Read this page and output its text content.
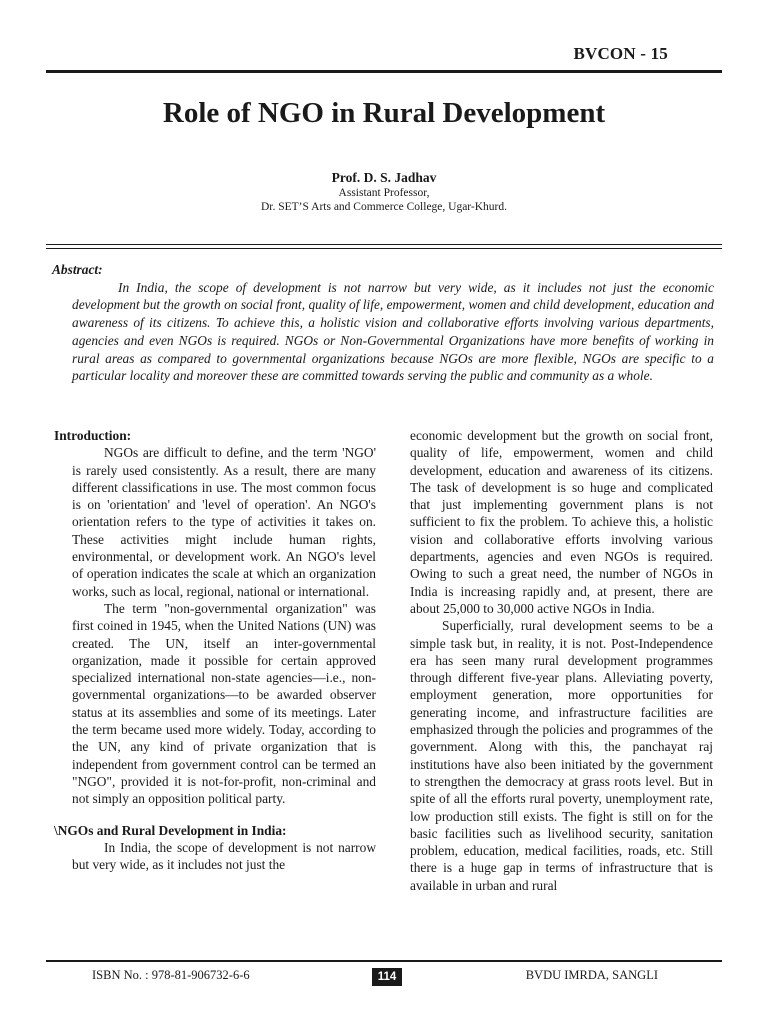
BVCON - 15
Role of NGO in Rural Development
Prof. D. S. Jadhav
Assistant Professor,
Dr. SET’S Arts and Commerce College, Ugar-Khurd.
Abstract:
In India, the scope of development is not narrow but very wide, as it includes not just the economic development but the growth on social front, quality of life, empowerment, women and child development, education and awareness of its citizens. To achieve this, a holistic vision and collaborative efforts involving various departments, agencies and even NGOs is required. NGOs or Non-Governmental Organizations have more benefits of working in rural areas as compared to governmental organizations because NGOs are more flexible, NGOs are specific to a particular locality and moreover these are committed towards serving the public and community as a whole.
Introduction:

NGOs are difficult to define, and the term 'NGO' is rarely used consistently. As a result, there are many different classifications in use. The most common focus is on 'orientation' and 'level of operation'. An NGO's orientation refers to the type of activities it takes on. These activities might include human rights, environmental, or development work. An NGO's level of operation indicates the scale at which an organization works, such as local, regional, national or international.

The term "non-governmental organization" was first coined in 1945, when the United Nations (UN) was created. The UN, itself an inter-governmental organization, made it possible for certain approved specialized international non-state agencies—i.e., non-governmental organizations—to be awarded observer status at its assemblies and some of its meetings. Later the term became used more widely. Today, according to the UN, any kind of private organization that is independent from government control can be termed an "NGO", provided it is not-for-profit, non-criminal and not simply an opposition political party.

\NGOs and Rural Development in India:

In India, the scope of development is not narrow but very wide, as it includes not just the

economic development but the growth on social front, quality of life, empowerment, women and child development, education and awareness of its citizens. The task of development is so huge and complicated that just implementing government plans is not sufficient to fix the problem. To achieve this, a holistic vision and collaborative efforts involving various departments, agencies and even NGOs is required. Owing to such a great need, the number of NGOs in India is increasing rapidly and, at present, there are about 25,000 to 30,000 active NGOs in India.

Superficially, rural development seems to be a simple task but, in reality, it is not. Post-Independence era has seen many rural development programmes through different five-year plans. Alleviating poverty, employment generation, more opportunities for generating income, and infrastructure facilities are emphasized through the policies and programmes of the government. Along with this, the panchayat raj institutions have also been initiated by the government to strengthen the democracy at grass roots level. But in spite of all the efforts rural poverty, unemployment rate, low production still exists. The fight is still on for the basic facilities such as livelihood security, sanitation problem, education, medical facilities, roads, etc. Still there is a huge gap in terms of infrastructure that is available in urban and rural

ISBN No. : 978-81-906732-6-6	114	BVDU IMRDA, SANGLI
